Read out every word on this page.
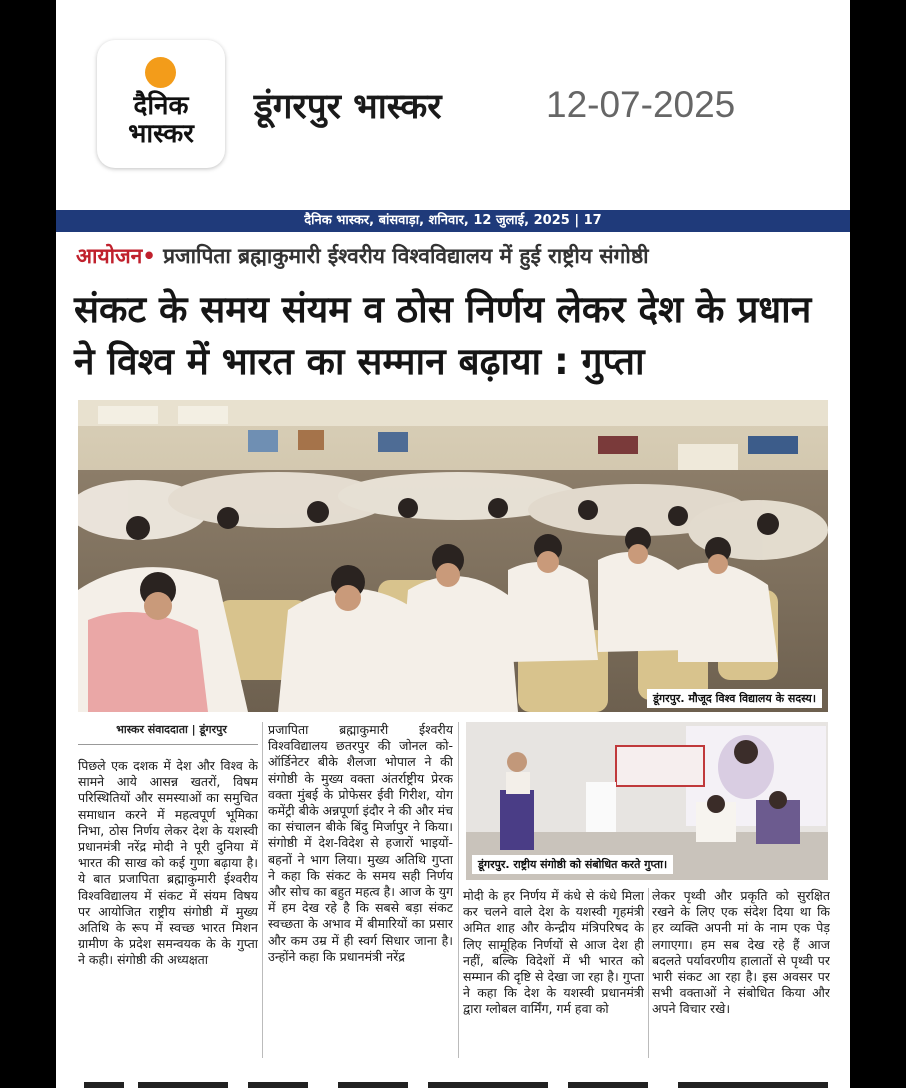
दैनिक
भास्कर
डूंगरपुर भास्कर	12-07-2025
दैनिक भास्कर, बांसवाड़ा, शनिवार, 12 जुलाई, 2025 | 17
आयोजन• प्रजापिता ब्रह्माकुमारी ईश्वरीय विश्वविद्यालय में हुई राष्ट्रीय संगोष्ठी
संकट के समय संयम व ठोस निर्णय लेकर देश के प्रधान ने विश्व में भारत का सम्मान बढ़ाया : गुप्ता
डूंगरपुर. मौजूद विश्व विद्यालय के सदस्य।
भास्कर संवाददाता | डूंगरपुर
पिछले एक दशक में देश और विश्व के सामने आये आसन्न खतरों, विषम परिस्थितियों और समस्याओं का समुचित समाधान करने में महत्वपूर्ण भूमिका निभा, ठोस निर्णय लेकर देश के यशस्वी प्रधानमंत्री नरेंद्र मोदी ने पूरी दुनिया में भारत की साख को कई गुणा बढ़ाया है। ये बात प्रजापिता ब्रह्माकुमारी ईश्वरीय विश्वविद्यालय में संकट में संयम विषय पर आयोजित राष्ट्रीय संगोष्ठी में मुख्य अतिथि के रूप में स्वच्छ भारत मिशन ग्रामीण के प्रदेश समन्वयक के के गुप्ता ने कही। संगोष्ठी की अध्यक्षता
प्रजापिता ब्रह्माकुमारी ईश्वरीय विश्वविद्यालय छतरपुर की जोनल को-ऑर्डिनेटर बीके शैलजा भोपाल ने की संगोष्ठी के मुख्य वक्ता अंतर्राष्ट्रीय प्रेरक वक्ता मुंबई के प्रोफेसर ईवी गिरीश, योग कमेंट्री बीके अन्नपूर्णा इंदौर ने की और मंच का संचालन बीके बिंदु मिर्जापुर ने किया। संगोष्ठी में देश-विदेश से हजारों भाइयों-बहनों ने भाग लिया। मुख्य अतिथि गुप्ता ने कहा कि संकट के समय सही निर्णय और सोच का बहुत महत्व है। आज के युग में हम देख रहे है कि सबसे बड़ा संकट स्वच्छता के अभाव में बीमारियों का प्रसार और कम उम्र में ही स्वर्ग सिधार जाना है। उन्होंने कहा कि प्रधानमंत्री नरेंद्र
डूंगरपुर. राष्ट्रीय संगोष्ठी को संबोधित करते गुप्ता।
मोदी के हर निर्णय में कंधे से कंधे मिला कर चलने वाले देश के यशस्वी गृहमंत्री अमित शाह और केन्द्रीय मंत्रिपरिषद के लिए सामूहिक निर्णयों से आज देश ही नहीं, बल्कि विदेशों में भी भारत को सम्मान की दृष्टि से देखा जा रहा है। गुप्ता ने कहा कि देश के यशस्वी प्रधानमंत्री द्वारा ग्लोबल वार्मिंग, गर्म हवा को
लेकर पृथ्वी और प्रकृति को सुरक्षित रखने के लिए एक संदेश दिया था कि हर व्यक्ति अपनी मां के नाम एक पेड़ लगाएगा। हम सब देख रहे हैं आज बदलते पर्यावरणीय हालातों से पृथ्वी पर भारी संकट आ रहा है। इस अवसर पर सभी वक्ताओं ने संबोधित किया और अपने विचार रखे।
